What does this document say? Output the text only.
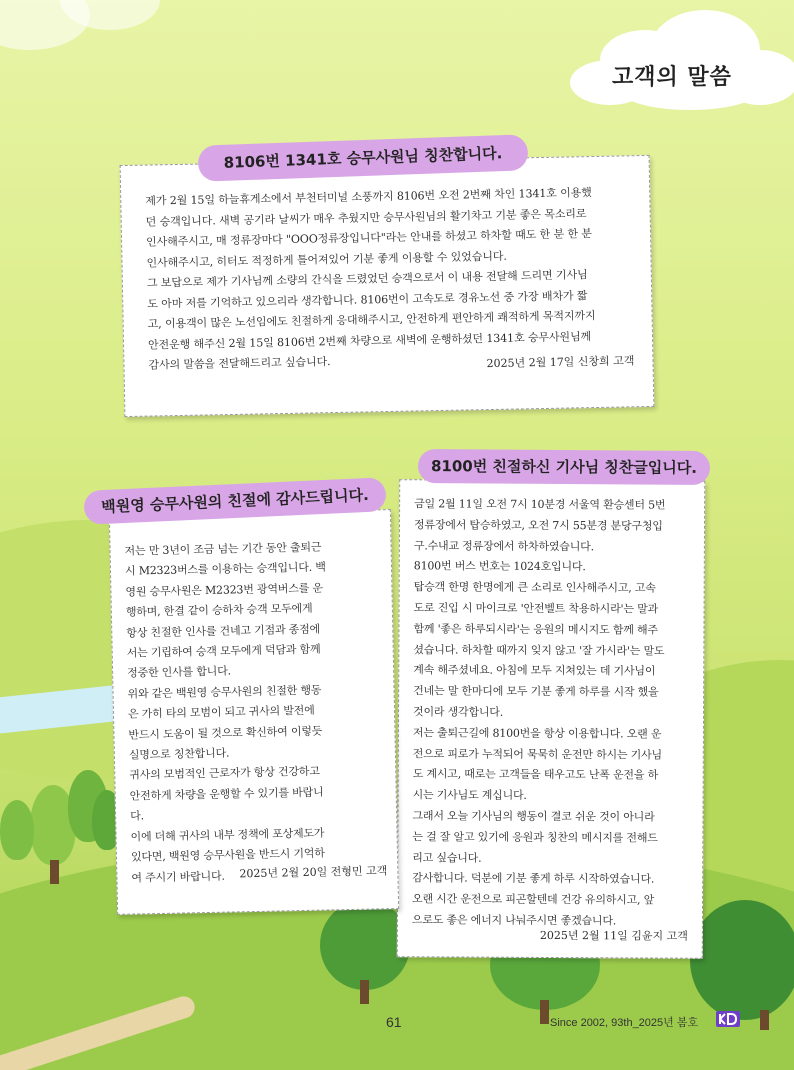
고객의 말씀
제가 2월 15일 하늘휴게소에서 부천터미널 소풍까지 8106번 오전 2번째 차인 1341호 이용했
던 승객입니다. 새벽 공기라 날씨가 매우 추웠지만 승무사원님의 활기차고 기분 좋은 목소리로
인사해주시고, 매 정류장마다 "OOO정류장입니다"라는 안내를 하셨고 하차할 때도 한 분 한 분
인사해주시고, 히터도 적정하게 틀어져있어 기분 좋게 이용할 수 있었습니다.
그 보답으로 제가 기사님께 소량의 간식을 드렸었던 승객으로서 이 내용 전달해 드리면 기사님
도 아마 저를 기억하고 있으리라 생각합니다. 8106번이 고속도로 경유노선 중 가장 배차가 짧
고, 이용객이 많은 노선임에도 친절하게 응대해주시고, 안전하게 편안하게 쾌적하게 목적지까지
안전운행 해주신 2월 15일 8106번 2번째 차량으로 새벽에 운행하셨던 1341호 승무사원님께
감사의 말씀을 전달해드리고 싶습니다.	2025년 2월 17일 신창희 고객
8106번 1341호 승무사원님 칭찬합니다.
금일 2월 11일 오전 7시 10분경 서울역 환승센터 5번
정류장에서 탑승하였고, 오전 7시 55분경 분당구청입
구.수내교 정류장에서 하차하였습니다.
8100번 버스 번호는 1024호입니다.
탑승객 한명 한명에게 큰 소리로 인사해주시고, 고속
도로 진입 시 마이크로 '안전벨트 착용하시라'는 말과
함께 '좋은 하루되시라'는 응원의 메시지도 함께 해주
셨습니다. 하차할 때까지 잊지 않고 '잘 가시라'는 말도
계속 해주셨네요. 아침에 모두 지쳐있는 데 기사님이
건네는 말 한마디에 모두 기분 좋게 하루를 시작 했을
것이라 생각합니다.
저는 출퇴근길에 8100번을 항상 이용합니다. 오랜 운
전으로 피로가 누적되어 묵묵히 운전만 하시는 기사님
도 계시고, 때로는 고객들을 태우고도 난폭 운전을 하
시는 기사님도 계십니다.
그래서 오늘 기사님의 행동이 결코 쉬운 것이 아니라
는 걸 잘 알고 있기에 응원과 칭찬의 메시지를 전해드
리고 싶습니다.
감사합니다. 덕분에 기분 좋게 하루 시작하였습니다.
오랜 시간 운전으로 피곤할텐데 건강 유의하시고, 앞
으로도 좋은 에너지 나눠주시면 좋겠습니다.
2025년 2월 11일 김윤지 고객
8100번 친절하신 기사님 칭찬글입니다.
저는 만 3년이 조금 넘는 기간 동안 출퇴근
시 M2323버스를 이용하는 승객입니다. 백
영원 승무사원은 M2323번 광역버스를 운
행하며, 한결 같이 승하차 승객 모두에게
항상 친절한 인사를 건네고 기점과 종점에
서는 기립하여 승객 모두에게 덕담과 함께
정중한 인사를 합니다.
위와 같은 백원영 승무사원의 친절한 행동
은 가히 타의 모범이 되고 귀사의 발전에
반드시 도움이 될 것으로 확신하여 이렇듯
실명으로 칭찬합니다.
귀사의 모범적인 근로자가 항상 건강하고
안전하게 차량을 운행할 수 있기를 바랍니
다.
이에 더해 귀사의 내부 정책에 포상제도가
있다면, 백원영 승무사원을 반드시 기억하
여 주시기 바랍니다.	2025년 2월 20일 전형민 고객
백원영 승무사원의 친절에 감사드립니다.
61	Since 2002, 93th_2025년 봄호
